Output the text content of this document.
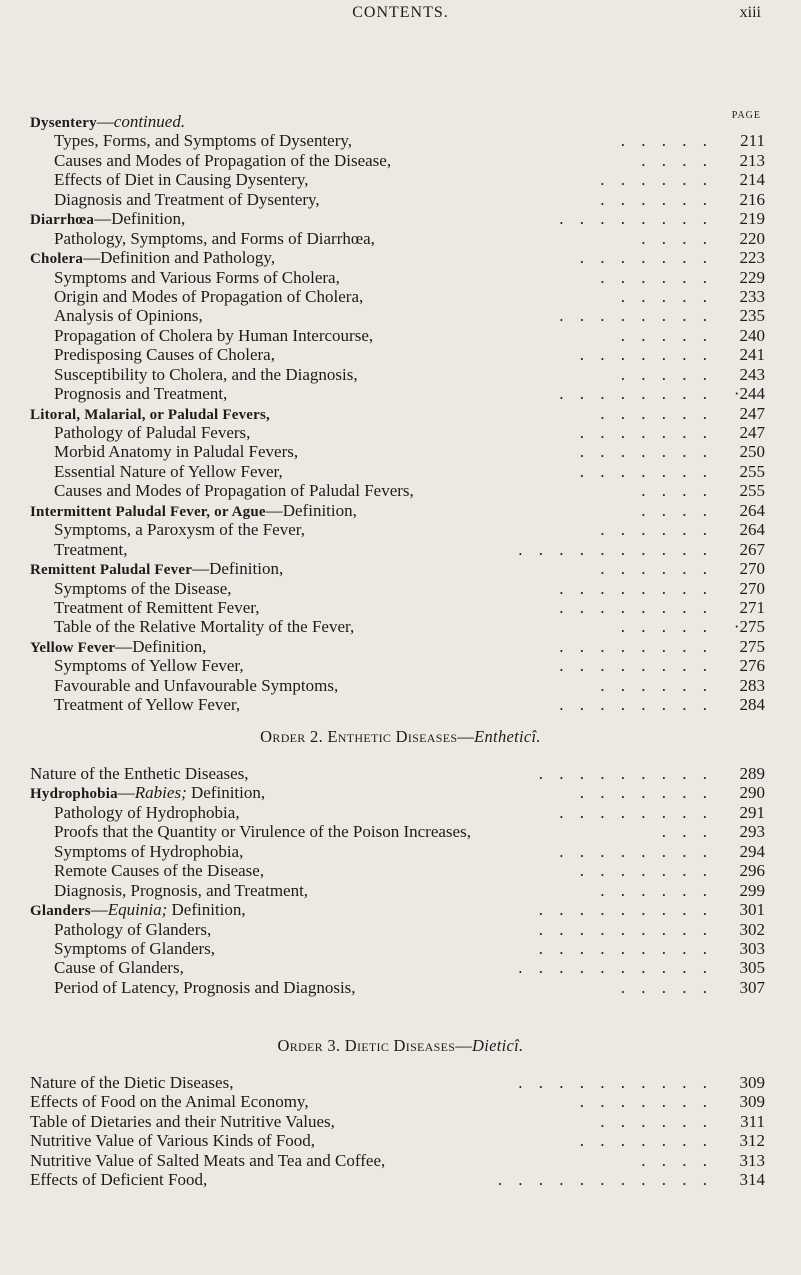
CONTENTS.	xiii
PAGE
Dysentery—continued.
Types, Forms, and Symptoms of Dysentery,	. . . . .	211
Causes and Modes of Propagation of the Disease,	. . . .	213
Effects of Diet in Causing Dysentery,	. . . . . .	214
Diagnosis and Treatment of Dysentery,	. . . . . .	216
Diarrhœa—Definition,	. . . . . . . .	219
Pathology, Symptoms, and Forms of Diarrhœa,	. . . .	220
Cholera—Definition and Pathology,	. . . . . . .	223
Symptoms and Various Forms of Cholera,	. . . . . .	229
Origin and Modes of Propagation of Cholera,	. . . . .	233
Analysis of Opinions,	. . . . . . . .	235
Propagation of Cholera by Human Intercourse,	. . . . .	240
Predisposing Causes of Cholera,	. . . . . . .	241
Susceptibility to Cholera, and the Diagnosis,	. . . . .	243
Prognosis and Treatment,	. . . . . . . .	·244
Litoral, Malarial, or Paludal Fevers,	. . . . . .	247
Pathology of Paludal Fevers,	. . . . . . .	247
Morbid Anatomy in Paludal Fevers,	. . . . . . .	250
Essential Nature of Yellow Fever,	. . . . . . .	255
Causes and Modes of Propagation of Paludal Fevers,	. . . .	255
Intermittent Paludal Fever, or Ague—Definition,	. . . .	264
Symptoms, a Paroxysm of the Fever,	. . . . . .	264
Treatment,	. . . . . . . . . .	267
Remittent Paludal Fever—Definition,	. . . . . .	270
Symptoms of the Disease,	. . . . . . . .	270
Treatment of Remittent Fever,	. . . . . . . .	271
Table of the Relative Mortality of the Fever,	. . . . .	·275
Yellow Fever—Definition,	. . . . . . . .	275
Symptoms of Yellow Fever,	. . . . . . . .	276
Favourable and Unfavourable Symptoms,	. . . . . .	283
Treatment of Yellow Fever,	. . . . . . . .	284
Order 2. Enthetic Diseases—Entheticî.
Nature of the Enthetic Diseases,	. . . . . . . . .	289
Hydrophobia—Rabies; Definition,	. . . . . . .	290
Pathology of Hydrophobia,	. . . . . . . .	291
Proofs that the Quantity or Virulence of the Poison Increases,	. . .	293
Symptoms of Hydrophobia,	. . . . . . . .	294
Remote Causes of the Disease,	. . . . . . .	296
Diagnosis, Prognosis, and Treatment,	. . . . . .	299
Glanders—Equinia; Definition,	. . . . . . . . .	301
Pathology of Glanders,	. . . . . . . . .	302
Symptoms of Glanders,	. . . . . . . . .	303
Cause of Glanders,	. . . . . . . . . .	305
Period of Latency, Prognosis and Diagnosis,	. . . . .	307
Order 3. Dietic Diseases—Dieticî.
Nature of the Dietic Diseases,	. . . . . . . . . .	309
Effects of Food on the Animal Economy,	. . . . . . .	309
Table of Dietaries and their Nutritive Values,	. . . . . .	311
Nutritive Value of Various Kinds of Food,	. . . . . . .	312
Nutritive Value of Salted Meats and Tea and Coffee,	. . . .	313
Effects of Deficient Food,	. . . . . . . . . . .	314
